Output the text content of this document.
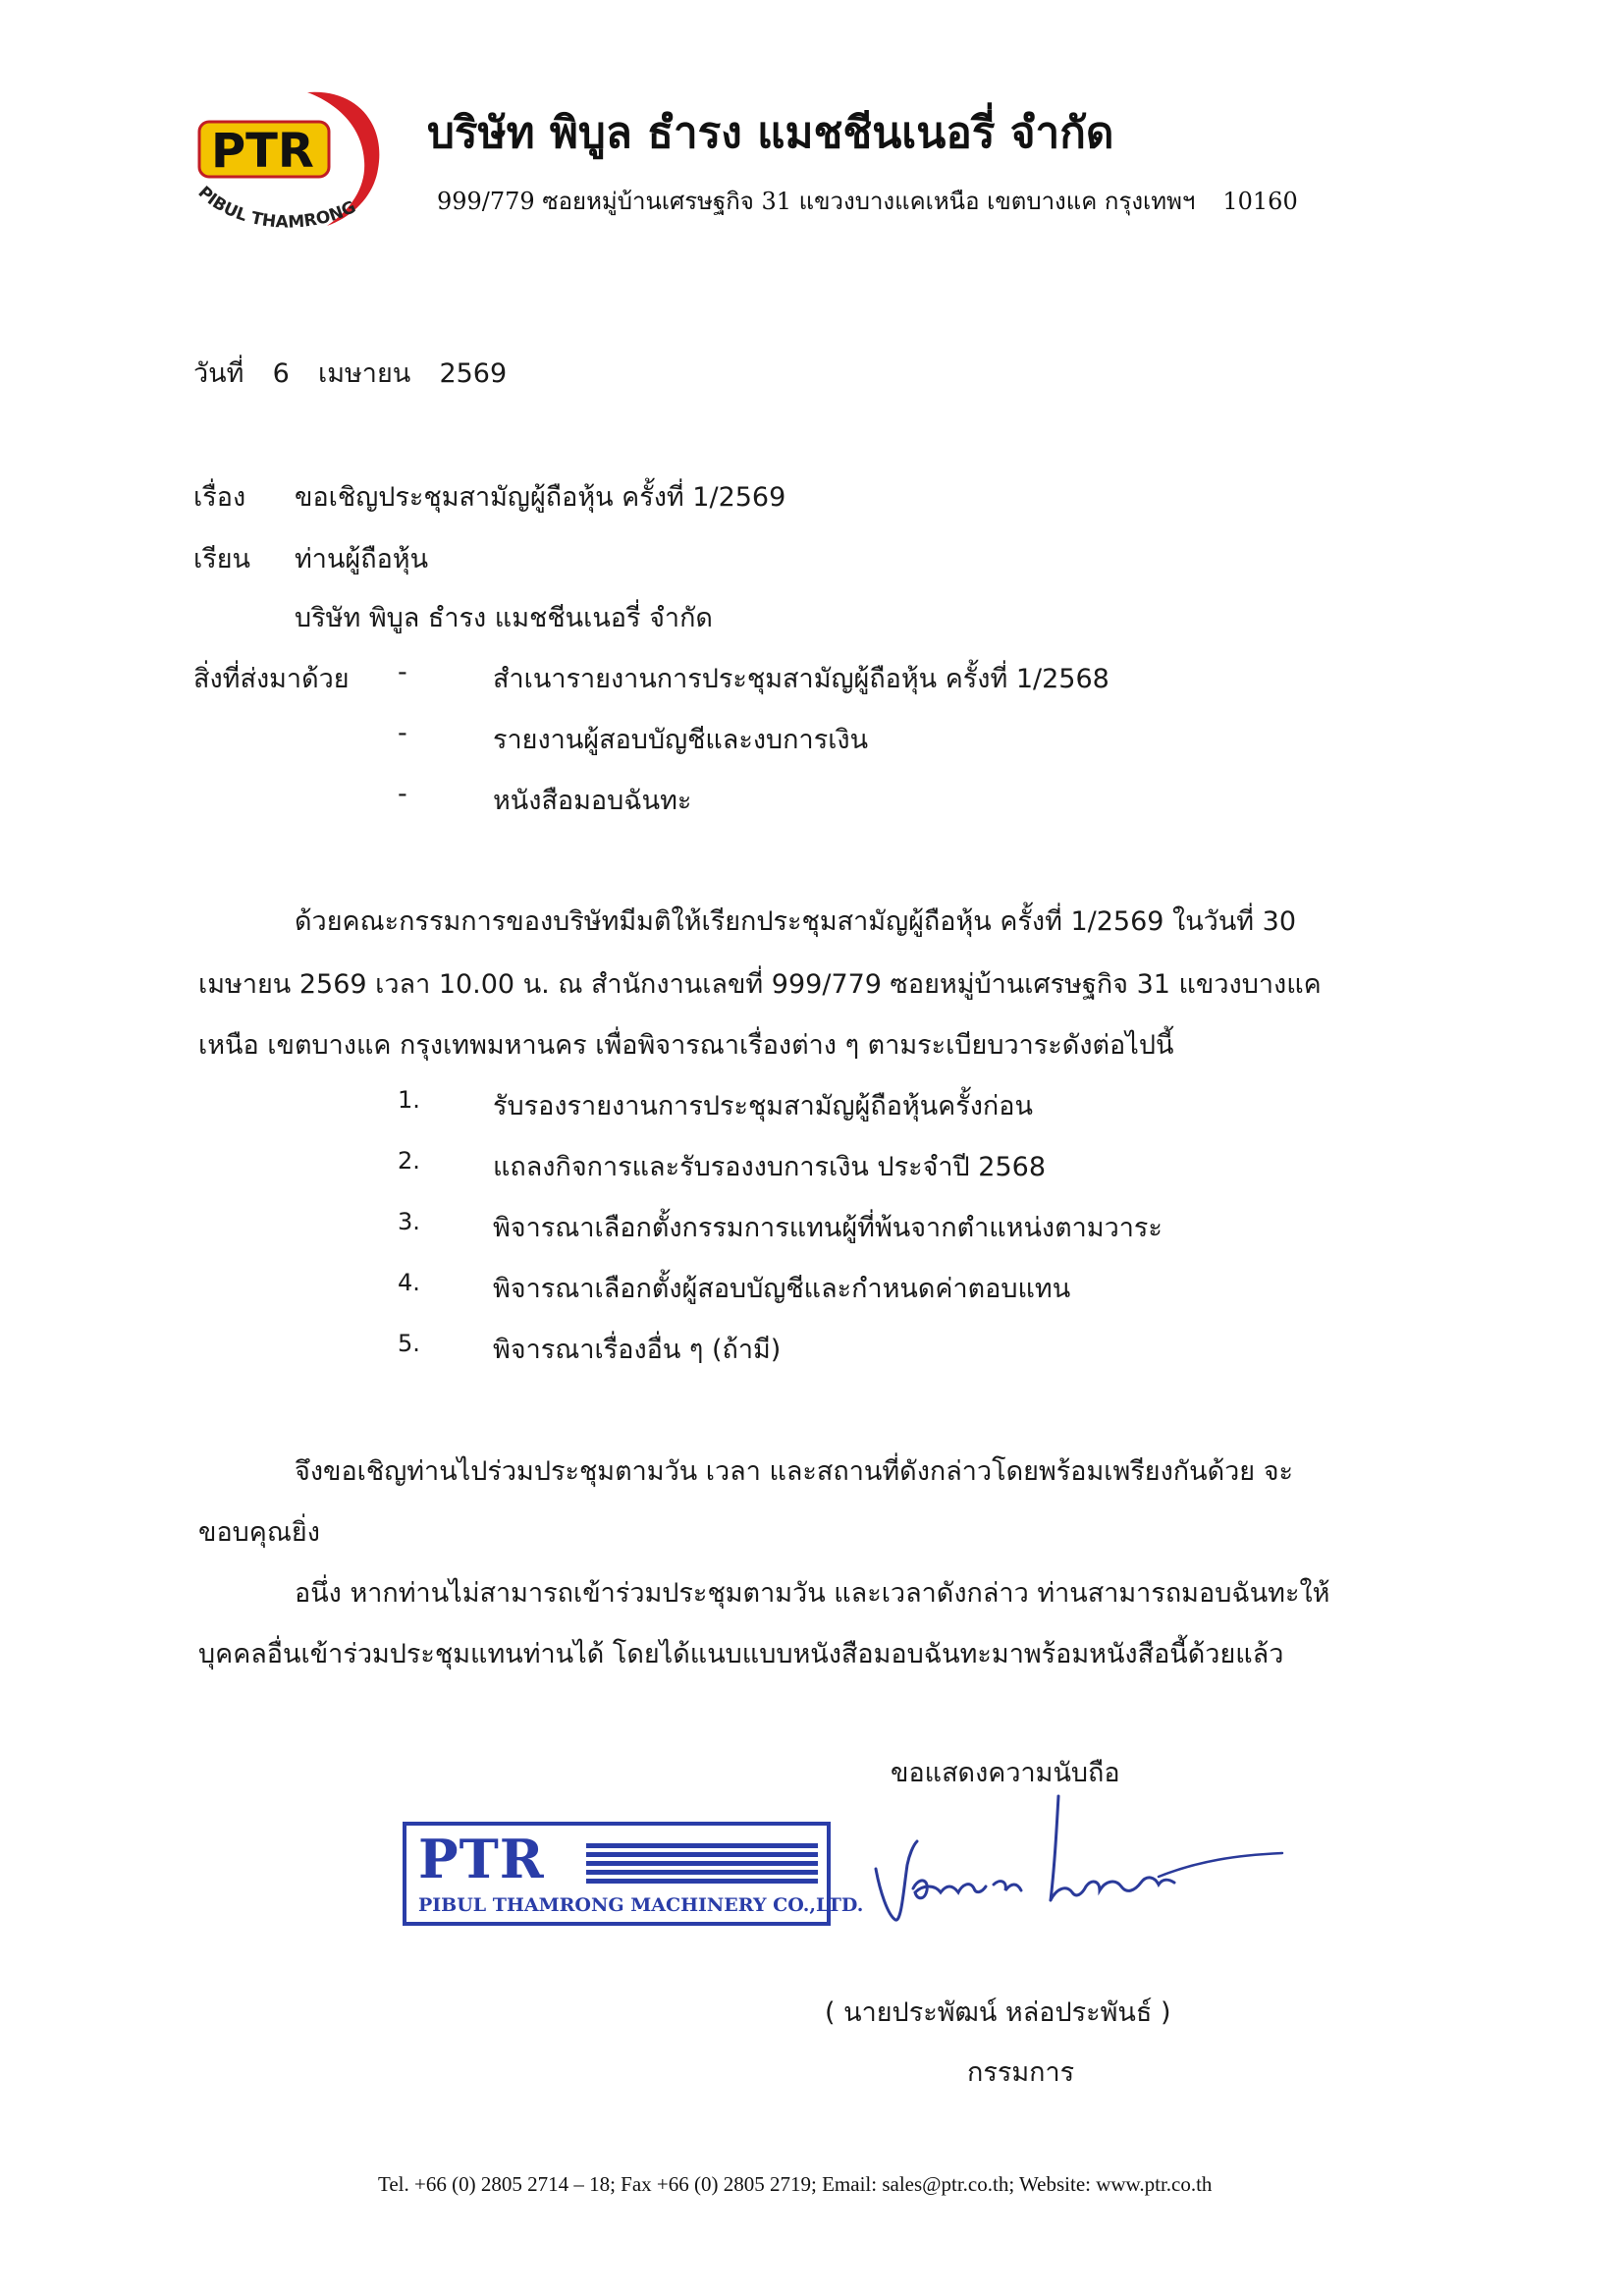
PTR
PIBUL THAMRONG
บริษัท พิบูล ธำรง แมชชีนเนอรี่ จำกัด
999/779 ซอยหมู่บ้านเศรษฐกิจ 31 แขวงบางแคเหนือ เขตบางแค กรุงเทพฯ 10160
วันที่ 6 เมษายน 2569
เรื่อง ขอเชิญประชุมสามัญผู้ถือหุ้น ครั้งที่ 1/2569
เรียน ท่านผู้ถือหุ้น
บริษัท พิบูล ธำรง แมชชีนเนอรี่ จำกัด
สิ่งที่ส่งมาด้วย -	สำเนารายงานการประชุมสามัญผู้ถือหุ้น ครั้งที่ 1/2568
-	รายงานผู้สอบบัญชีและงบการเงิน
-	หนังสือมอบฉันทะ
ด้วยคณะกรรมการของบริษัทมีมติให้เรียกประชุมสามัญผู้ถือหุ้น ครั้งที่ 1/2569 ในวันที่ 30
เมษายน 2569 เวลา 10.00 น. ณ สำนักงานเลขที่ 999/779 ซอยหมู่บ้านเศรษฐกิจ 31 แขวงบางแค
เหนือ เขตบางแค กรุงเทพมหานคร เพื่อพิจารณาเรื่องต่าง ๆ ตามระเบียบวาระดังต่อไปนี้
1.	รับรองรายงานการประชุมสามัญผู้ถือหุ้นครั้งก่อน
2.	แถลงกิจการและรับรองงบการเงิน ประจำปี 2568
3.	พิจารณาเลือกตั้งกรรมการแทนผู้ที่พ้นจากตำแหน่งตามวาระ
4.	พิจารณาเลือกตั้งผู้สอบบัญชีและกำหนดค่าตอบแทน
5.	พิจารณาเรื่องอื่น ๆ (ถ้ามี)
จึงขอเชิญท่านไปร่วมประชุมตามวัน เวลา และสถานที่ดังกล่าวโดยพร้อมเพรียงกันด้วย จะ
ขอบคุณยิ่ง
อนึ่ง หากท่านไม่สามารถเข้าร่วมประชุมตามวัน และเวลาดังกล่าว ท่านสามารถมอบฉันทะให้
บุคคลอื่นเข้าร่วมประชุมแทนท่านได้ โดยได้แนบแบบหนังสือมอบฉันทะมาพร้อมหนังสือนี้ด้วยแล้ว
ขอแสดงความนับถือ
PTR
PIBUL THAMRONG MACHINERY CO.,LTD.
( นายประพัฒน์ หล่อประพันธ์ )
กรรมการ
Tel. +66 (0) 2805 2714 – 18; Fax +66 (0) 2805 2719; Email: sales@ptr.co.th; Website: www.ptr.co.th
